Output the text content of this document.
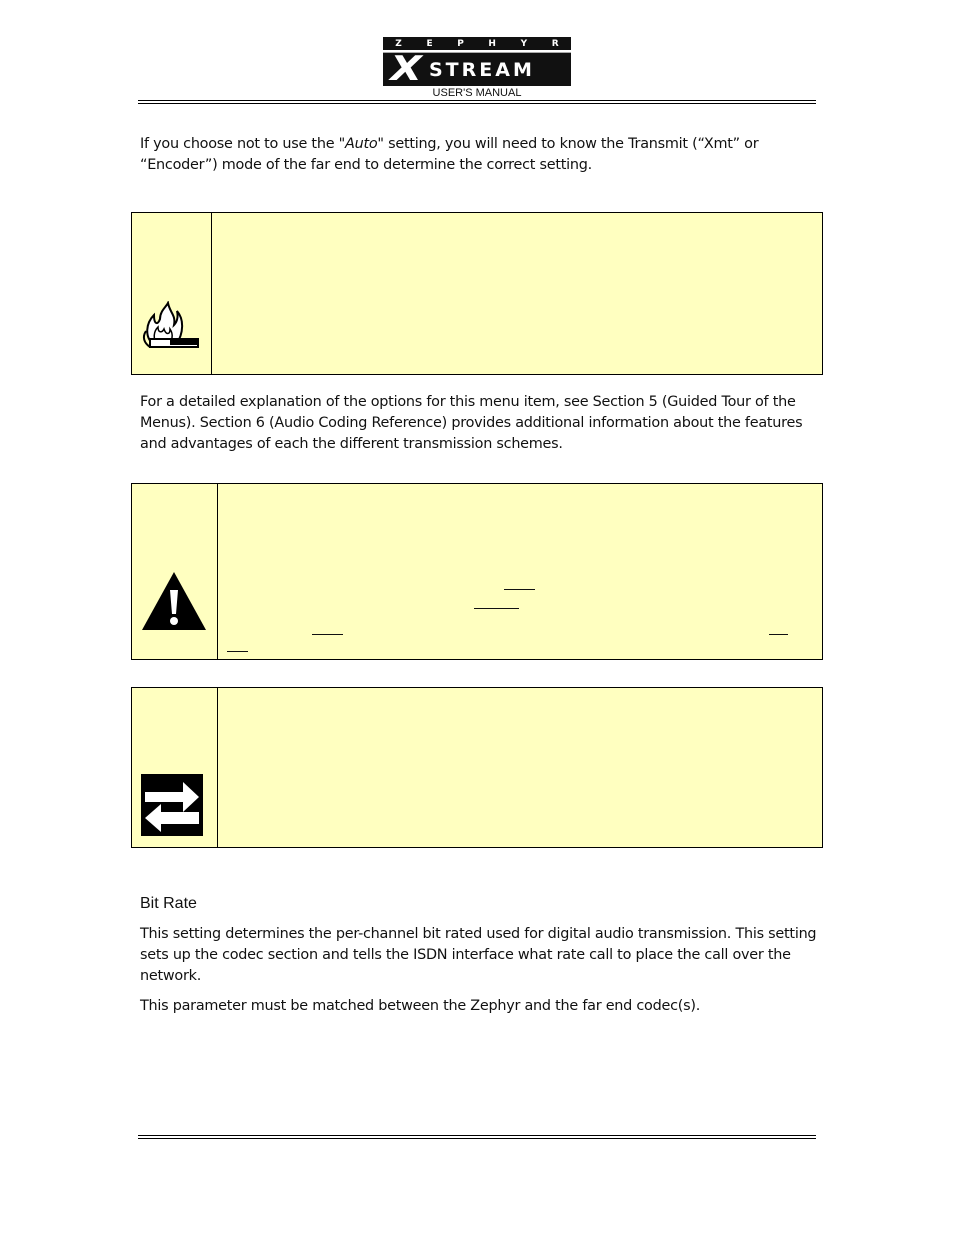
Z	E	P	H	Y	R
X STREAM
USER'S MANUAL

If you choose not to use the "Auto" setting, you will need to know the Transmit (“Xmt” or “Encoder”) mode of the far end to determine the correct setting.

For a detailed explanation of the options for this menu item, see Section 5 (Guided Tour of the Menus). Section 6 (Audio Coding Reference) provides additional information about the features and advantages of each the different transmission schemes.

Bit Rate

This setting determines the per-channel bit rated used for digital audio transmission. This setting sets up the codec section and tells the ISDN interface what rate call to place the call over the network.

This parameter must be matched between the Zephyr and the far end codec(s).
